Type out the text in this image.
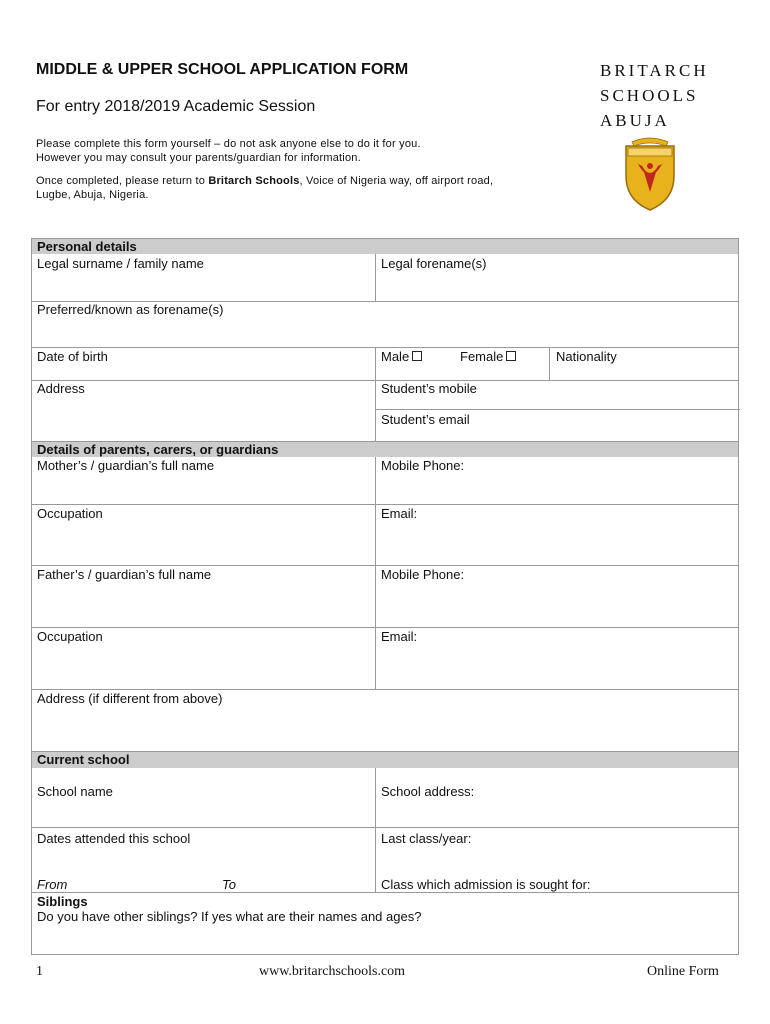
MIDDLE & UPPER SCHOOL APPLICATION FORM
For entry 2018/2019 Academic Session
Please complete this form yourself – do not ask anyone else to do it for you.
However you may consult your parents/guardian for information.
Once completed, please return to Britarch Schools, Voice of Nigeria way, off airport road,
Lugbe, Abuja, Nigeria.
BRITARCH
SCHOOLS
ABUJA
Personal details
Legal surname / family name	Legal forename(s)
Preferred/known as forename(s)
Date of birth	Male	Female	Nationality
Address	Student’s mobile
Student’s email
Details of parents, carers, or guardians
Mother’s / guardian’s full name	Mobile Phone:
Occupation	Email:
Father’s / guardian’s full name	Mobile Phone:
Occupation	Email:
Address (if different from above)
Current school
School name	School address:
Dates attended this school	Last class/year:
From	To	Class which admission is sought for:
Siblings
Do you have other siblings? If yes what are their names and ages?
1	www.britarchschools.com	Online Form
